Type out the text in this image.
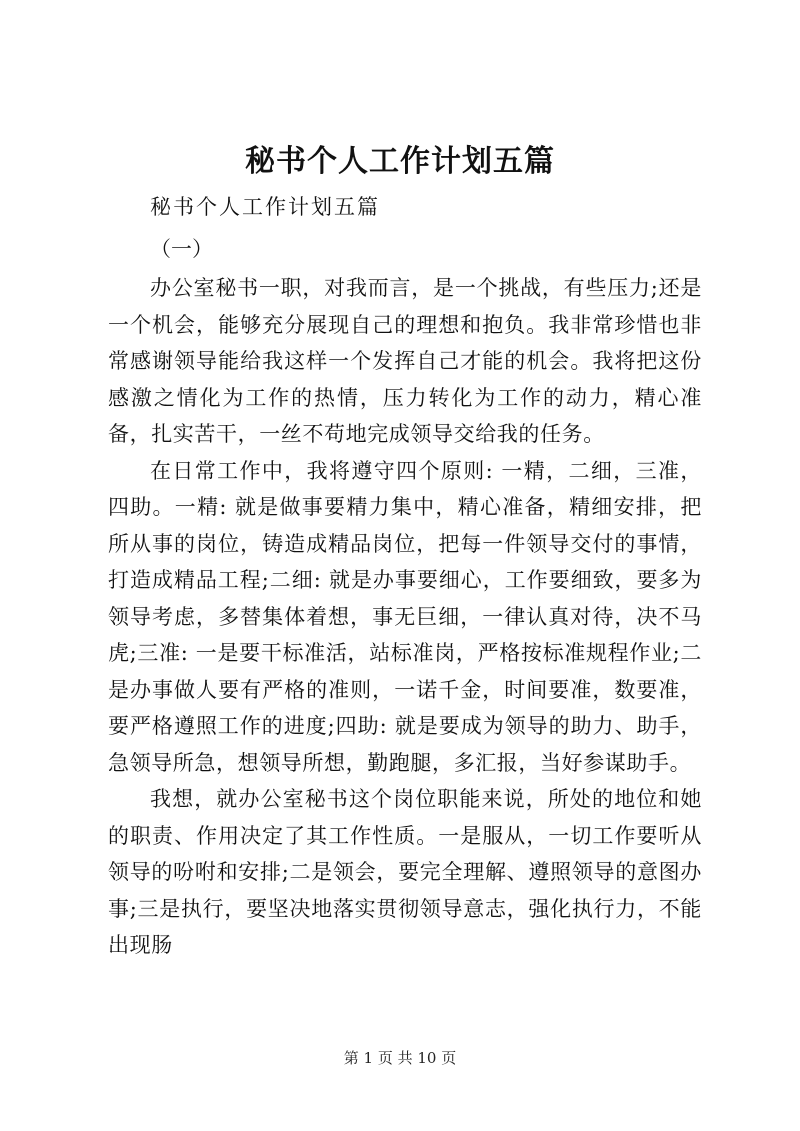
秘书个人工作计划五篇
秘书个人工作计划五篇
（一）

办公室秘书一职，对我而言，是一个挑战，有些压力;还是一个机会，能够充分展现自己的理想和抱负。我非常珍惜也非常感谢领导能给我这样一个发挥自己才能的机会。我将把这份感激之情化为工作的热情，压力转化为工作的动力，精心准备，扎实苦干，一丝不苟地完成领导交给我的任务。

在日常工作中，我将遵守四个原则: 一精，二细，三准，四助。一精: 就是做事要精力集中，精心准备，精细安排，把所从事的岗位，铸造成精品岗位，把每一件领导交付的事情，打造成精品工程;二细: 就是办事要细心，工作要细致，要多为领导考虑，多替集体着想，事无巨细，一律认真对待，决不马虎;三准: 一是要干标准活，站标准岗，严格按标准规程作业;二是办事做人要有严格的准则，一诺千金，时间要准，数要准，要严格遵照工作的进度;四助: 就是要成为领导的助力、助手，急领导所急，想领导所想，勤跑腿，多汇报，当好参谋助手。

我想，就办公室秘书这个岗位职能来说，所处的地位和她的职责、作用决定了其工作性质。一是服从，一切工作要听从领导的吩咐和安排;二是领会，要完全理解、遵照领导的意图办事;三是执行，要坚决地落实贯彻领导意志，强化执行力，不能出现肠

第 1 页 共 10 页
